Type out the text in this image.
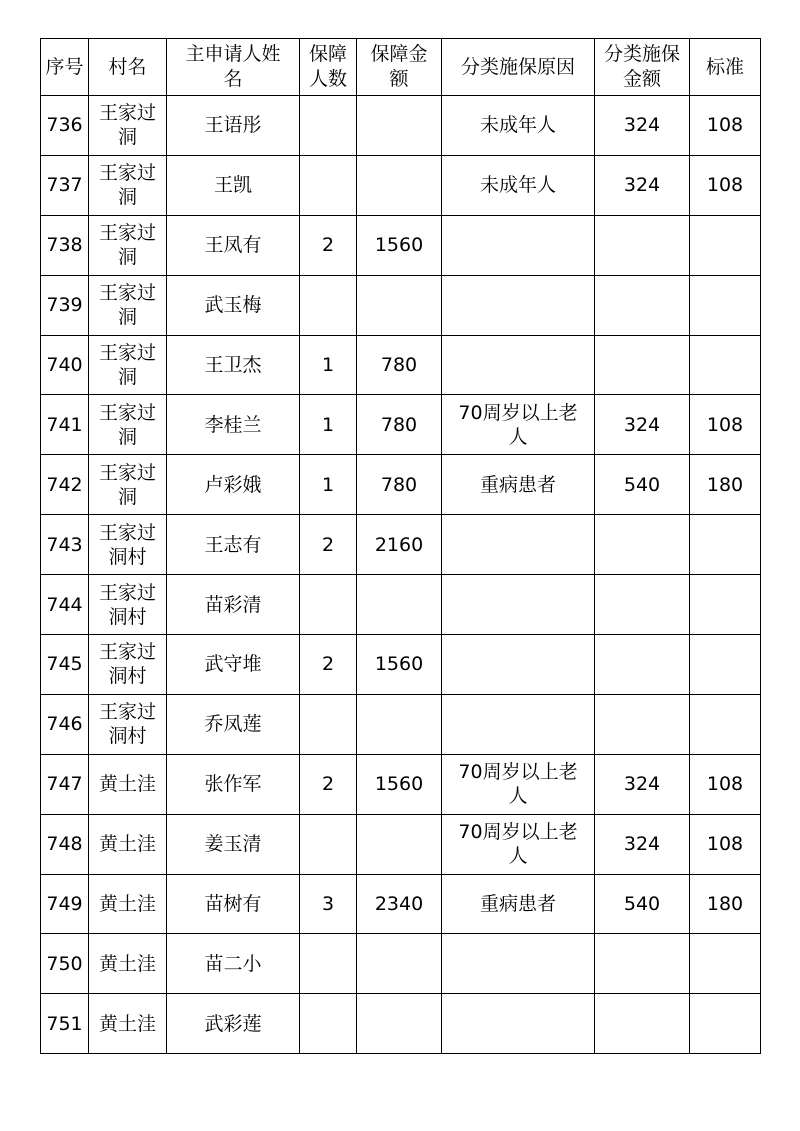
序号	村名	主申请人姓名	保障人数	保障金额	分类施保原因	分类施保金额	标准
736	王家过洞	王语彤			未成年人	324	108
737	王家过洞	王凯			未成年人	324	108
738	王家过洞	王凤有	2	1560			
739	王家过洞	武玉梅					
740	王家过洞	王卫杰	1	780			
741	王家过洞	李桂兰	1	780	70周岁以上老人	324	108
742	王家过洞	卢彩娥	1	780	重病患者	540	180
743	王家过洞村	王志有	2	2160			
744	王家过洞村	苗彩清					
745	王家过洞村	武守堆	2	1560			
746	王家过洞村	乔凤莲					
747	黄土洼	张作军	2	1560	70周岁以上老人	324	108
748	黄土洼	姜玉清			70周岁以上老人	324	108
749	黄土洼	苗树有	3	2340	重病患者	540	180
750	黄土洼	苗二小					
751	黄土洼	武彩莲					
